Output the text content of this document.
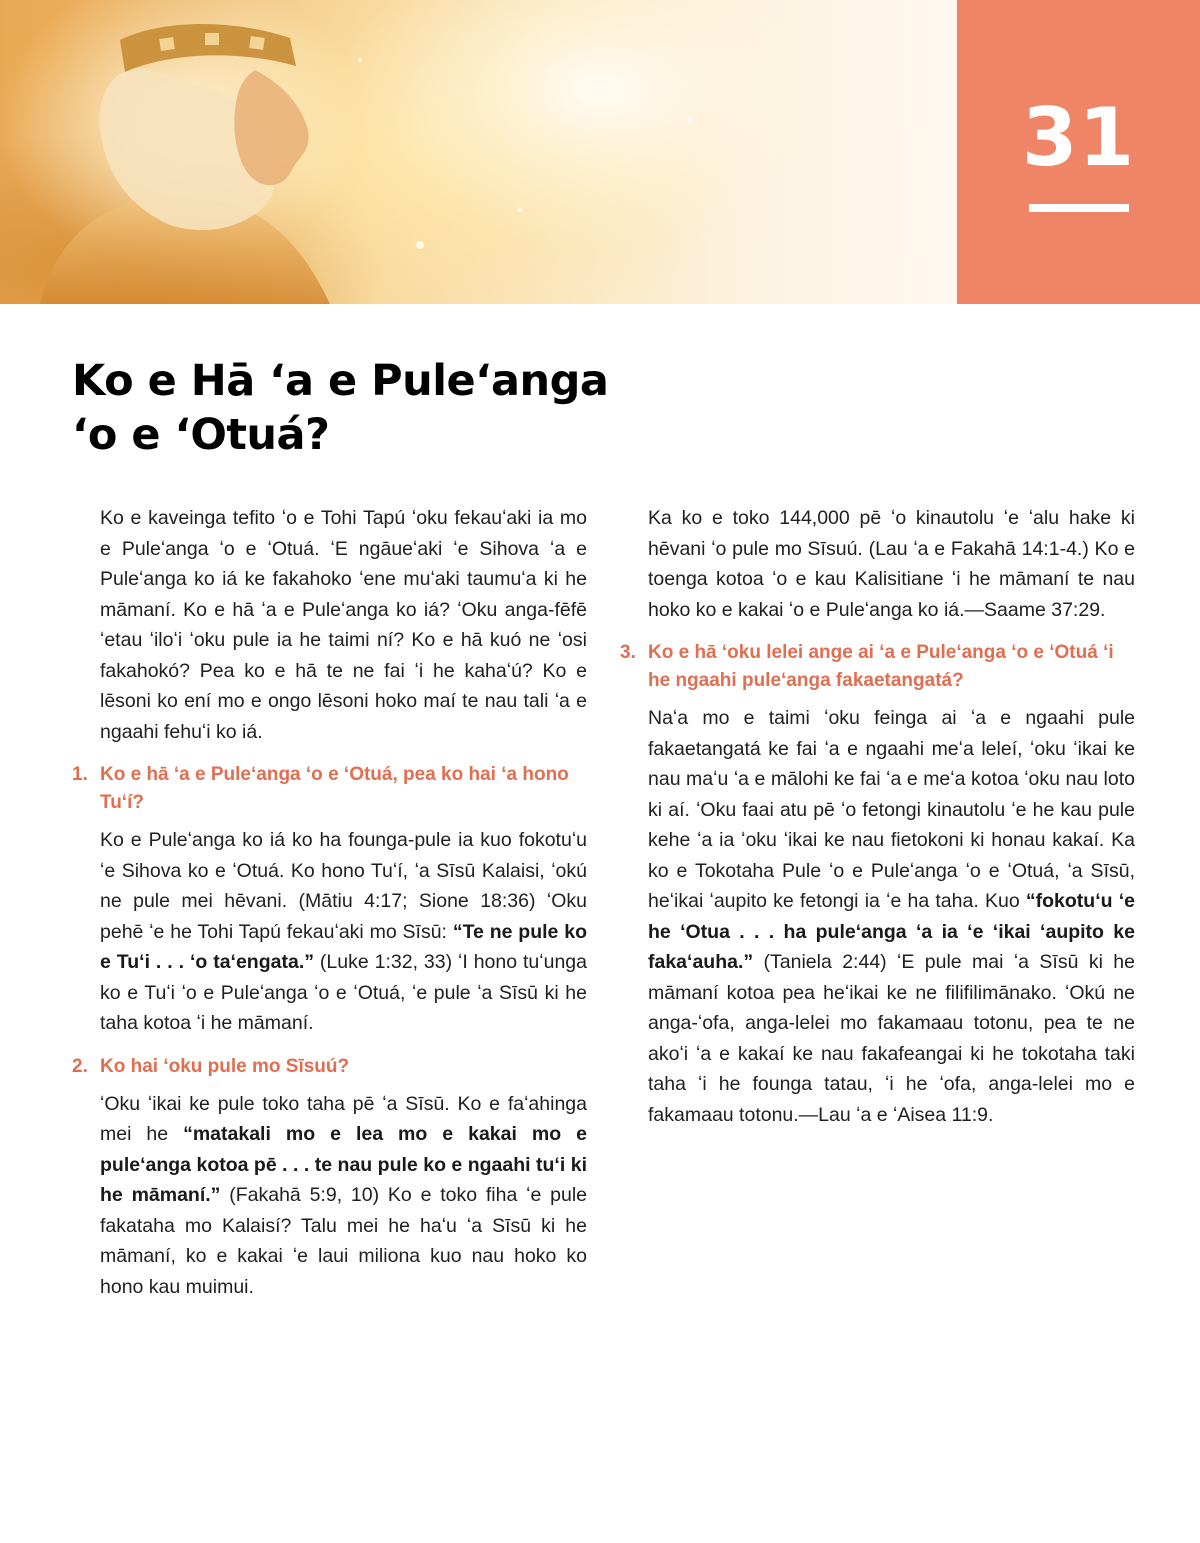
31
Ko e Hā ʻa e Puleʻanga
ʻo e ʻOtuá?

Ko e kaveinga tefito ʻo e Tohi Tapú ʻoku fekauʻaki ia mo e Puleʻanga ʻo e ʻOtuá. ʻE ngāueʻaki ʻe Sihova ʻa e Puleʻanga ko iá ke fakahoko ʻene muʻaki taumuʻa ki he māmaní. Ko e hā ʻa e Puleʻanga ko iá? ʻOku anga-fēfē ʻetau ʻiloʻi ʻoku pule ia he taimi ní? Ko e hā kuó ne ʻosi fakahokó? Pea ko e hā te ne fai ʻi he kahaʻú? Ko e lēsoni ko ení mo e ongo lēsoni hoko maí te nau tali ʻa e ngaahi fehuʻi ko iá.

1. Ko e hā ʻa e Puleʻanga ʻo e ʻOtuá, pea ko hai ʻa hono Tuʻí?

Ko e Puleʻanga ko iá ko ha founga-pule ia kuo fokotuʻu ʻe Sihova ko e ʻOtuá. Ko hono Tuʻí, ʻa Sīsū Kalaisi, ʻokú ne pule mei hēvani. (Mātiu 4:17; Sione 18:36) ʻOku pehē ʻe he Tohi Tapú fekauʻaki mo Sīsū: “Te ne pule ko e Tuʻi . . . ʻo taʻengata.” (Luke 1:32, 33) ʻI hono tuʻunga ko e Tuʻi ʻo e Puleʻanga ʻo e ʻOtuá, ʻe pule ʻa Sīsū ki he taha kotoa ʻi he māmaní.

2. Ko hai ʻoku pule mo Sīsuú?

ʻOku ʻikai ke pule toko taha pē ʻa Sīsū. Ko e faʻahinga mei he “matakali mo e lea mo e kakai mo e puleʻanga kotoa pē . . . te nau pule ko e ngaahi tuʻi ki he māmaní.” (Fakahā 5:9, 10) Ko e toko fiha ʻe pule fakataha mo Kalaisí? Talu mei he haʻu ʻa Sīsū ki he māmaní, ko e kakai ʻe laui miliona kuo nau hoko ko hono kau muimui.

Ka ko e toko 144,000 pē ʻo kinautolu ʻe ʻalu hake ki hēvani ʻo pule mo Sīsuú. (Lau ʻa e Fakahā 14:1-4.) Ko e toenga kotoa ʻo e kau Kalisitiane ʻi he māmaní te nau hoko ko e kakai ʻo e Puleʻanga ko iá.—Saame 37:29.

3. Ko e hā ʻoku lelei ange ai ʻa e Puleʻanga ʻo e ʻOtuá ʻi he ngaahi puleʻanga fakaetangatá?

Naʻa mo e taimi ʻoku feinga ai ʻa e ngaahi pule fakaetangatá ke fai ʻa e ngaahi meʻa leleí, ʻoku ʻikai ke nau maʻu ʻa e mālohi ke fai ʻa e meʻa kotoa ʻoku nau loto ki aí. ʻOku faai atu pē ʻo fetongi kinautolu ʻe he kau pule kehe ʻa ia ʻoku ʻikai ke nau fietokoni ki honau kakaí. Ka ko e Tokotaha Pule ʻo e Puleʻanga ʻo e ʻOtuá, ʻa Sīsū, heʻikai ʻaupito ke fetongi ia ʻe ha taha. Kuo “fokotuʻu ʻe he ʻOtua . . . ha puleʻanga ʻa ia ʻe ʻikai ʻaupito ke fakaʻauha.” (Taniela 2:44) ʻE pule mai ʻa Sīsū ki he māmaní kotoa pea heʻikai ke ne filifilimānako. ʻOkú ne anga-ʻofa, anga-lelei mo fakamaau totonu, pea te ne akoʻi ʻa e kakaí ke nau fakafeangai ki he tokotaha taki taha ʻi he founga tatau, ʻi he ʻofa, anga-lelei mo e fakamaau totonu.—Lau ʻa e ʻAisea 11:9.
